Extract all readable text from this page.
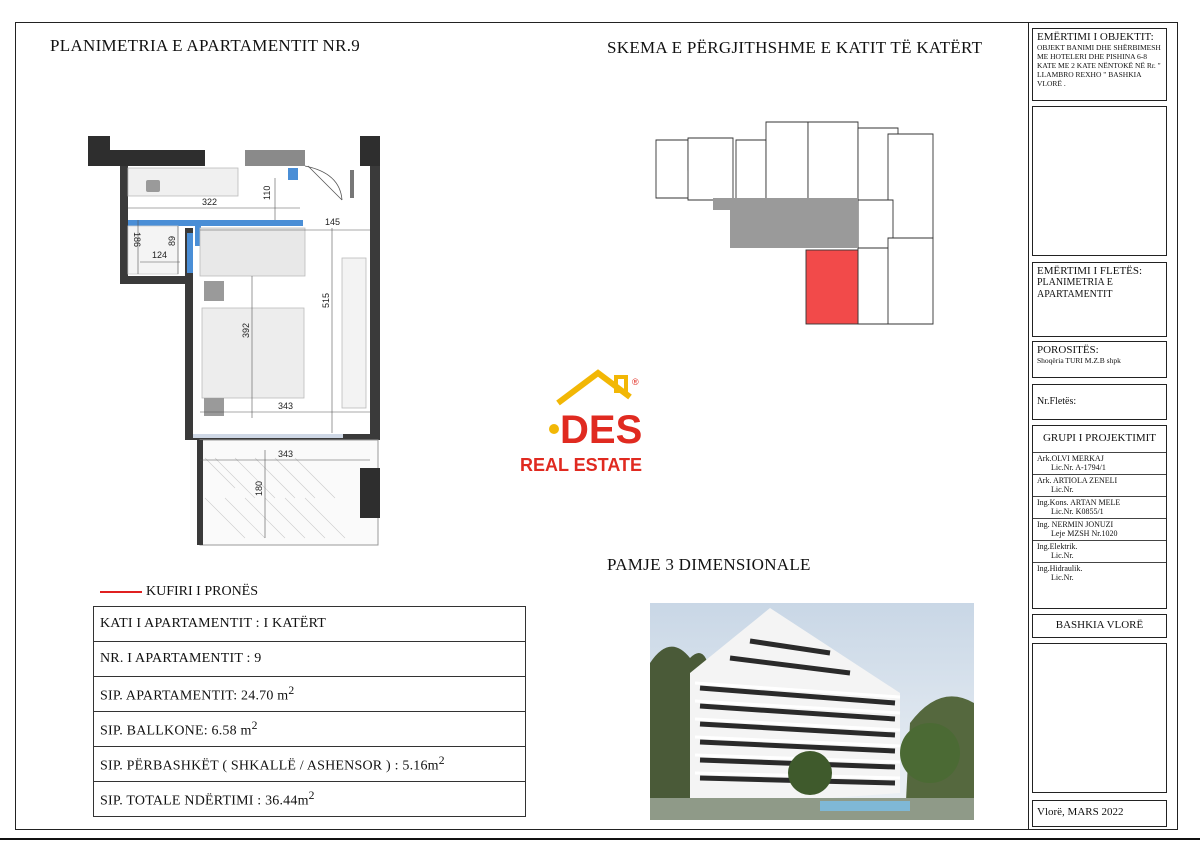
PLANIMETRIA E APARTAMENTIT NR.9	SKEMA E PËRGJITHSHME E KATIT TË KATËRT
PAMJE 3 DIMENSIONALE
322
110
145
186	89
124
515
392
343
343
180
®
DES
REAL ESTATE
KUFIRI I PRONËS
KATI I APARTAMENTIT : I KATËRT
NR. I APARTAMENTIT : 9
SIP. APARTAMENTIT: 24.70 $m^2$
SIP. BALLKONE: 6.58 $m^2$
SIP. PËRBASHKËT ( SHKALLË / ASHENSOR ) : $5.16m^2$
SIP. TOTALE NDËRTIMI : $36.44m^2$
EMËRTIMI I OBJEKTIT:
OBJEKT BANIMI DHE SHËRBIMESH ME HOTELERI DHE PISHINA 6-8 KATE ME 2 KATE NËNTOKË NË Rr. " LLAMBRO REXHO " BASHKIA VLORË .
EMËRTIMI I FLETËS:
PLANIMETRIA E APARTAMENTIT
POROSITËS:
Shoqëria TURI M.Z.B shpk
Nr.Fletës:
GRUPI I PROJEKTIMIT
Ark.OLVI MERKAJ
Lic.Nr. A-1794/1
Ark. ARTIOLA ZENELI
Lic.Nr.
Ing.Kons. ARTAN MELE
Lic.Nr. K0855/1
Ing. NERMIN JONUZI
Leje MZSH Nr.1020
Ing.Elektrik.
Lic.Nr.
Ing.Hidraulik.
Lic.Nr.
BASHKIA VLORË
Vlorë, MARS 2022
